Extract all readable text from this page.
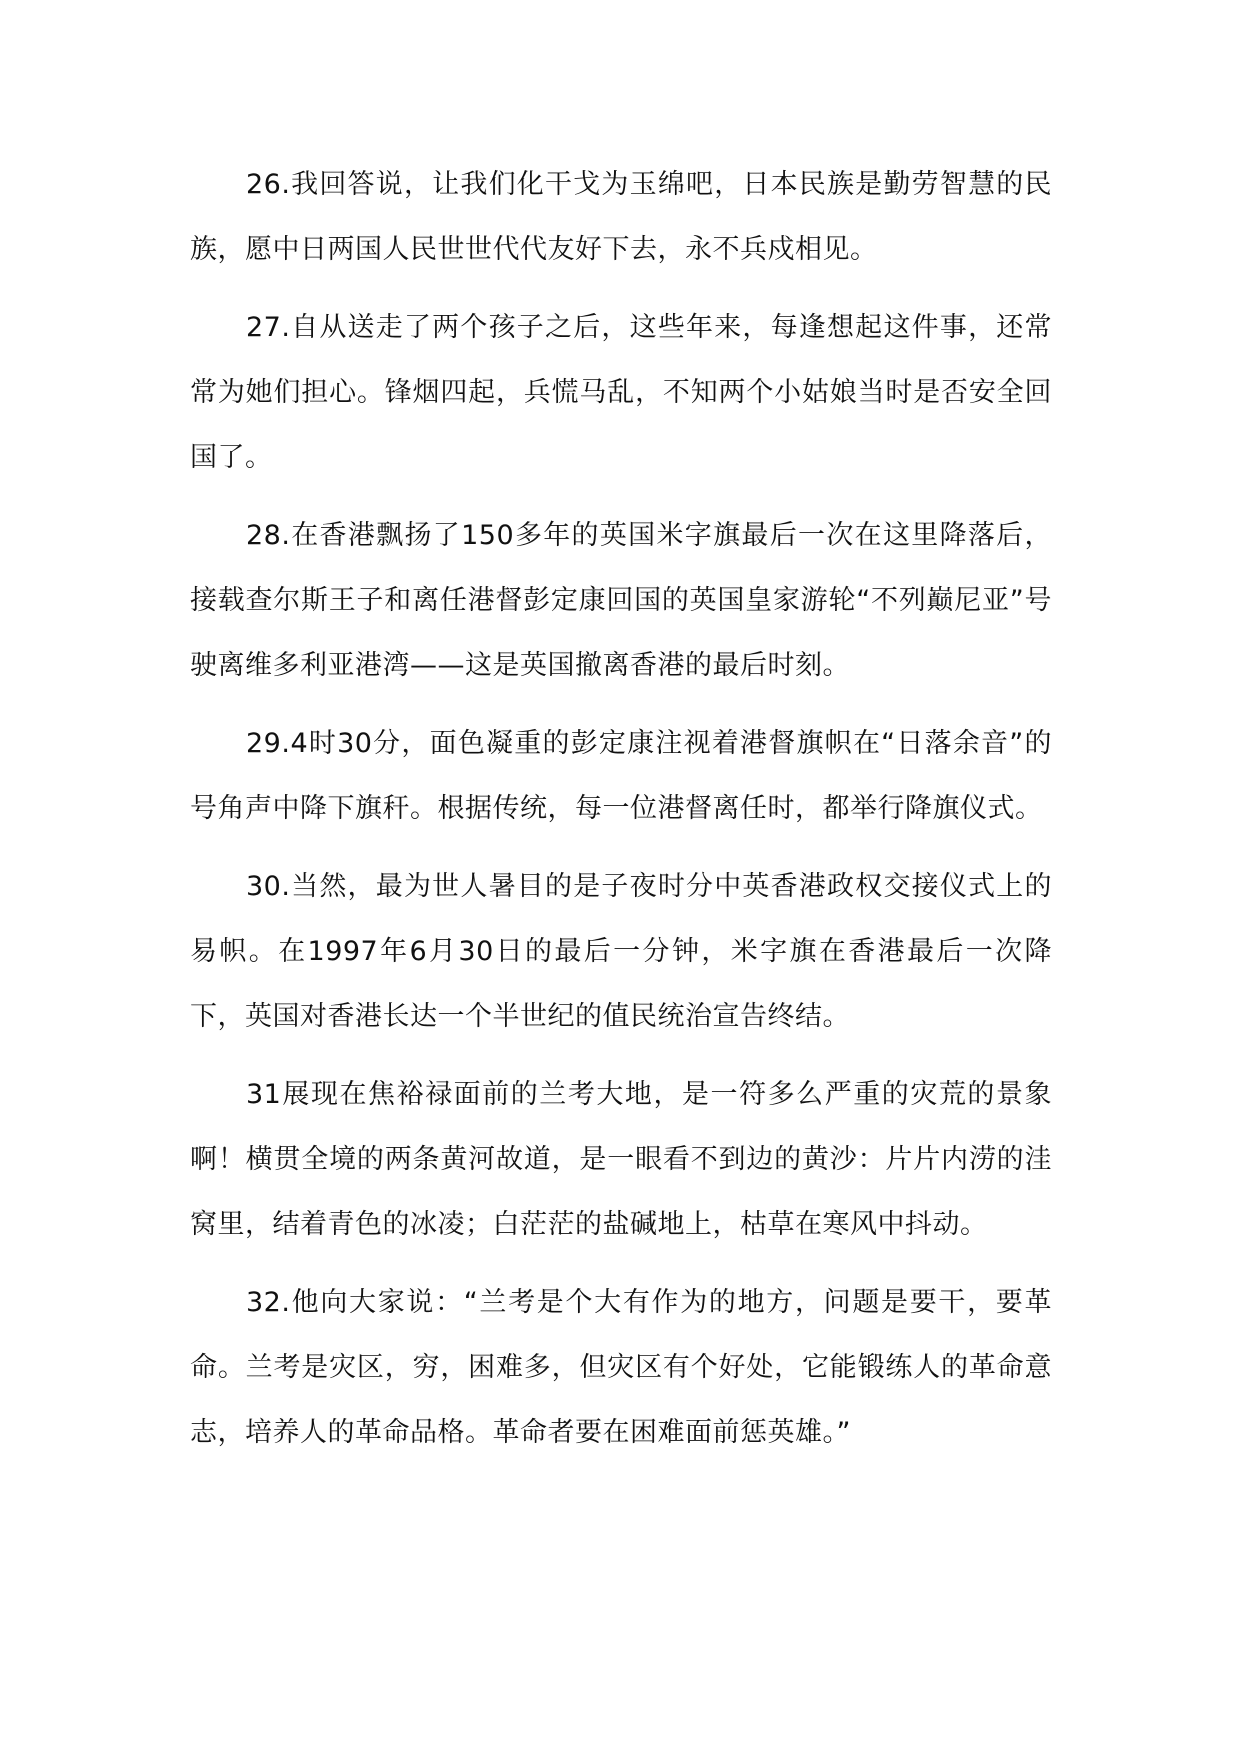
26.我回答说，让我们化干戈为玉绵吧，日本民族是勤劳智慧的民族，愿中日两国人民世世代代友好下去，永不兵戍相见。

27.自从送走了两个孩子之后，这些年来，每逢想起这件事，还常常为她们担心。锋烟四起，兵慌马乱，不知两个小姑娘当时是否安全回国了。

28.在香港飘扬了150多年的英国米字旗最后一次在这里降落后，接载查尔斯王子和离任港督彭定康回国的英国皇家游轮“不列巅尼亚”号驶离维多利亚港湾——这是英国撤离香港的最后时刻。

29.4时30分，面色凝重的彭定康注视着港督旗帜在“日落余音”的号角声中降下旗秆。根据传统，每一位港督离任时，都举行降旗仪式。

30.当然，最为世人暑目的是子夜时分中英香港政权交接仪式上的易帜。在1997年6月30日的最后一分钟，米字旗在香港最后一次降下，英国对香港长达一个半世纪的值民统治宣告终结。

31展现在焦裕禄面前的兰考大地，是一符多么严重的灾荒的景象啊！横贯全境的两条黄河故道，是一眼看不到边的黄沙：片片内涝的洼窝里，结着青色的冰凌；白茫茫的盐碱地上，枯草在寒风中抖动。

32.他向大家说：“兰考是个大有作为的地方，问题是要干，要革命。兰考是灾区，穷，困难多，但灾区有个好处，它能锻练人的革命意志，培养人的革命品格。革命者要在困难面前惩英雄。”
